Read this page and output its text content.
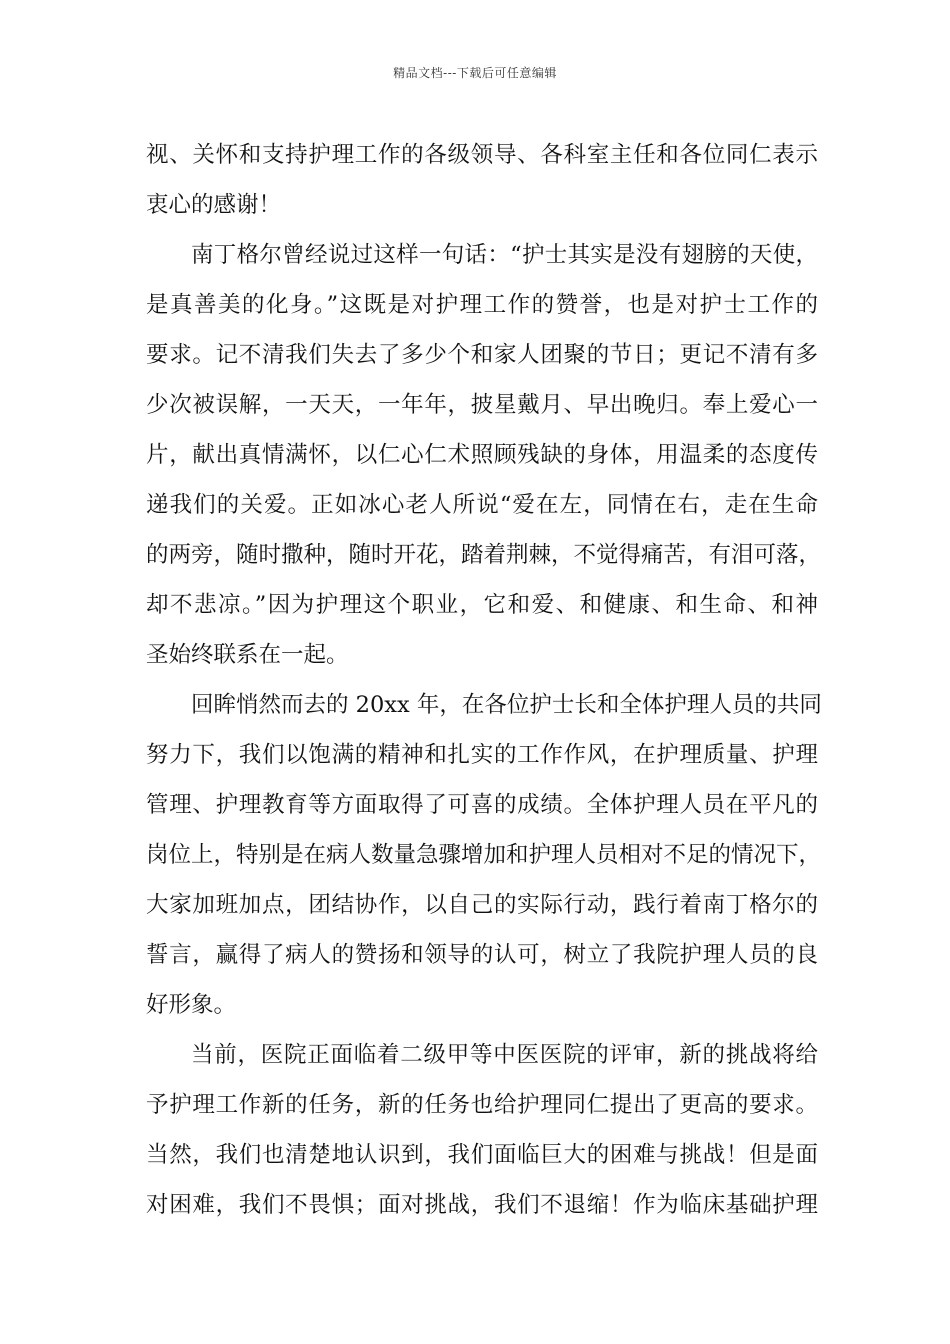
精品文档---下载后可任意编辑
视、关怀和支持护理工作的各级领导、各科室主任和各位同仁表示
衷心的感谢！
南丁格尔曾经说过这样一句话：“护士其实是没有翅膀的天使，
是真善美的化身。”这既是对护理工作的赞誉，也是对护士工作的
要求。记不清我们失去了多少个和家人团聚的节日；更记不清有多
少次被误解，一天天，一年年，披星戴月、早出晚归。奉上爱心一
片，献出真情满怀，以仁心仁术照顾残缺的身体，用温柔的态度传
递我们的关爱。正如冰心老人所说“爱在左，同情在右，走在生命
的两旁，随时撒种，随时开花，踏着荆棘，不觉得痛苦，有泪可落，
却不悲凉。”因为护理这个职业，它和爱、和健康、和生命、和神
圣始终联系在一起。
回眸悄然而去的 20xx 年，在各位护士长和全体护理人员的共同
努力下，我们以饱满的精神和扎实的工作作风，在护理质量、护理
管理、护理教育等方面取得了可喜的成绩。全体护理人员在平凡的
岗位上，特别是在病人数量急骤增加和护理人员相对不足的情况下，
大家加班加点，团结协作，以自己的实际行动，践行着南丁格尔的
誓言，赢得了病人的赞扬和领导的认可，树立了我院护理人员的良
好形象。
当前，医院正面临着二级甲等中医医院的评审，新的挑战将给
予护理工作新的任务，新的任务也给护理同仁提出了更高的要求。
当然，我们也清楚地认识到，我们面临巨大的困难与挑战！但是面
对困难，我们不畏惧；面对挑战，我们不退缩！作为临床基础护理
